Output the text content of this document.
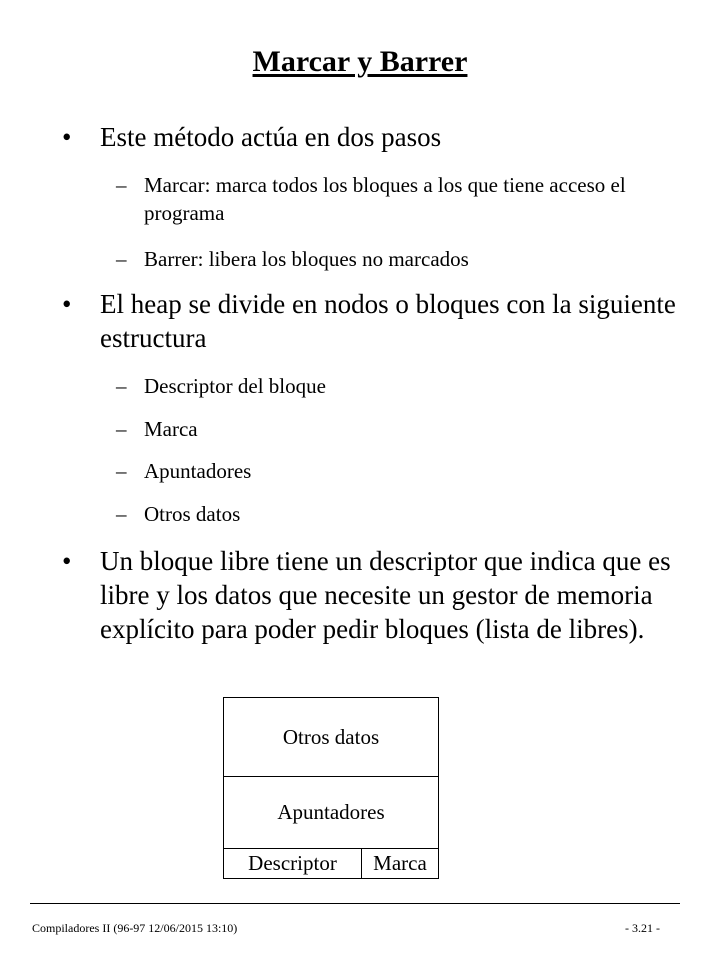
Marcar y Barrer
• Este método actúa en dos pasos
– Marcar: marca todos los bloques a los que tiene acceso el programa
– Barrer: libera los bloques no marcados
• El heap se divide en nodos o bloques con la siguiente estructura
– Descriptor del bloque
– Marca
– Apuntadores
– Otros datos
• Un bloque libre tiene un descriptor que indica que es libre y los datos que necesite un gestor de memoria explícito para poder pedir bloques (lista de libres).
Otros datos
Apuntadores
Descriptor	Marca
Compiladores II (96-97 12/06/2015 13:10)	- 3.21 -
